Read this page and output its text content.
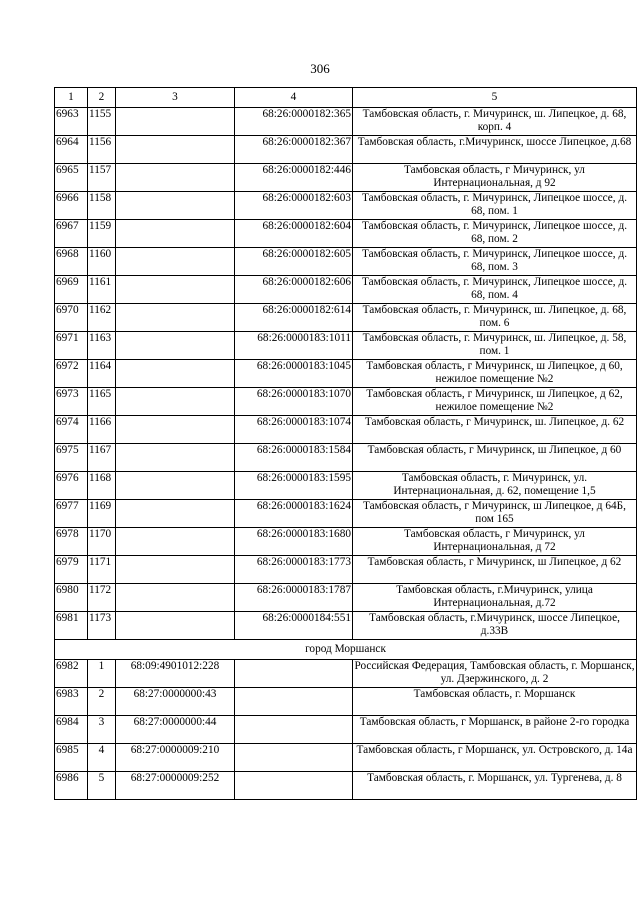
306
1	2	3	4	5
6963	1155		68:26:0000182:365	Тамбовская область, г. Мичуринск, ш. Липецкое, д. 68, корп. 4
6964	1156		68:26:0000182:367	Тамбовская область, г.Мичуринск, шоссе Липецкое, д.68
6965	1157		68:26:0000182:446	Тамбовская область, г Мичуринск, ул Интернациональная, д 92
6966	1158		68:26:0000182:603	Тамбовская область, г. Мичуринск, Липецкое шоссе, д. 68, пом. 1
6967	1159		68:26:0000182:604	Тамбовская область, г. Мичуринск, Липецкое шоссе, д. 68, пом. 2
6968	1160		68:26:0000182:605	Тамбовская область, г. Мичуринск, Липецкое шоссе, д. 68, пом. 3
6969	1161		68:26:0000182:606	Тамбовская область, г. Мичуринск, Липецкое шоссе, д. 68, пом. 4
6970	1162		68:26:0000182:614	Тамбовская область, г. Мичуринск, ш. Липецкое, д. 68, пом. 6
6971	1163		68:26:0000183:1011	Тамбовская область, г. Мичуринск, ш. Липецкое, д. 58, пом. 1
6972	1164		68:26:0000183:1045	Тамбовская область, г Мичуринск, ш Липецкое, д 60, нежилое помещение №2
6973	1165		68:26:0000183:1070	Тамбовская область, г Мичуринск, ш Липецкое, д 62, нежилое помещение №2
6974	1166		68:26:0000183:1074	Тамбовская область, г Мичуринск, ш. Липецкое, д. 62
6975	1167		68:26:0000183:1584	Тамбовская область, г Мичуринск, ш Липецкое, д 60
6976	1168		68:26:0000183:1595	Тамбовская область, г. Мичуринск, ул. Интернациональная, д. 62, помещение 1,5
6977	1169		68:26:0000183:1624	Тамбовская область, г Мичуринск, ш Липецкое, д 64Б, пом 165
6978	1170		68:26:0000183:1680	Тамбовская область, г Мичуринск, ул Интернациональная, д 72
6979	1171		68:26:0000183:1773	Тамбовская область, г Мичуринск, ш Липецкое, д 62
6980	1172		68:26:0000183:1787	Тамбовская область, г.Мичуринск, улица Интернациональная, д.72
6981	1173		68:26:0000184:551	Тамбовская область, г.Мичуринск, шоссе Липецкое, д.33В
город Моршанск				
6982	1	68:09:4901012:228		Российская Федерация, Тамбовская область, г. Моршанск, ул. Дзержинского, д. 2
6983	2	68:27:0000000:43		Тамбовская область, г. Моршанск
6984	3	68:27:0000000:44		Тамбовская область, г Моршанск, в районе 2-го городка
6985	4	68:27:0000009:210		Тамбовская область, г Моршанск, ул. Островского, д. 14а
6986	5	68:27:0000009:252		Тамбовская область, г. Моршанск, ул. Тургенева, д. 8
